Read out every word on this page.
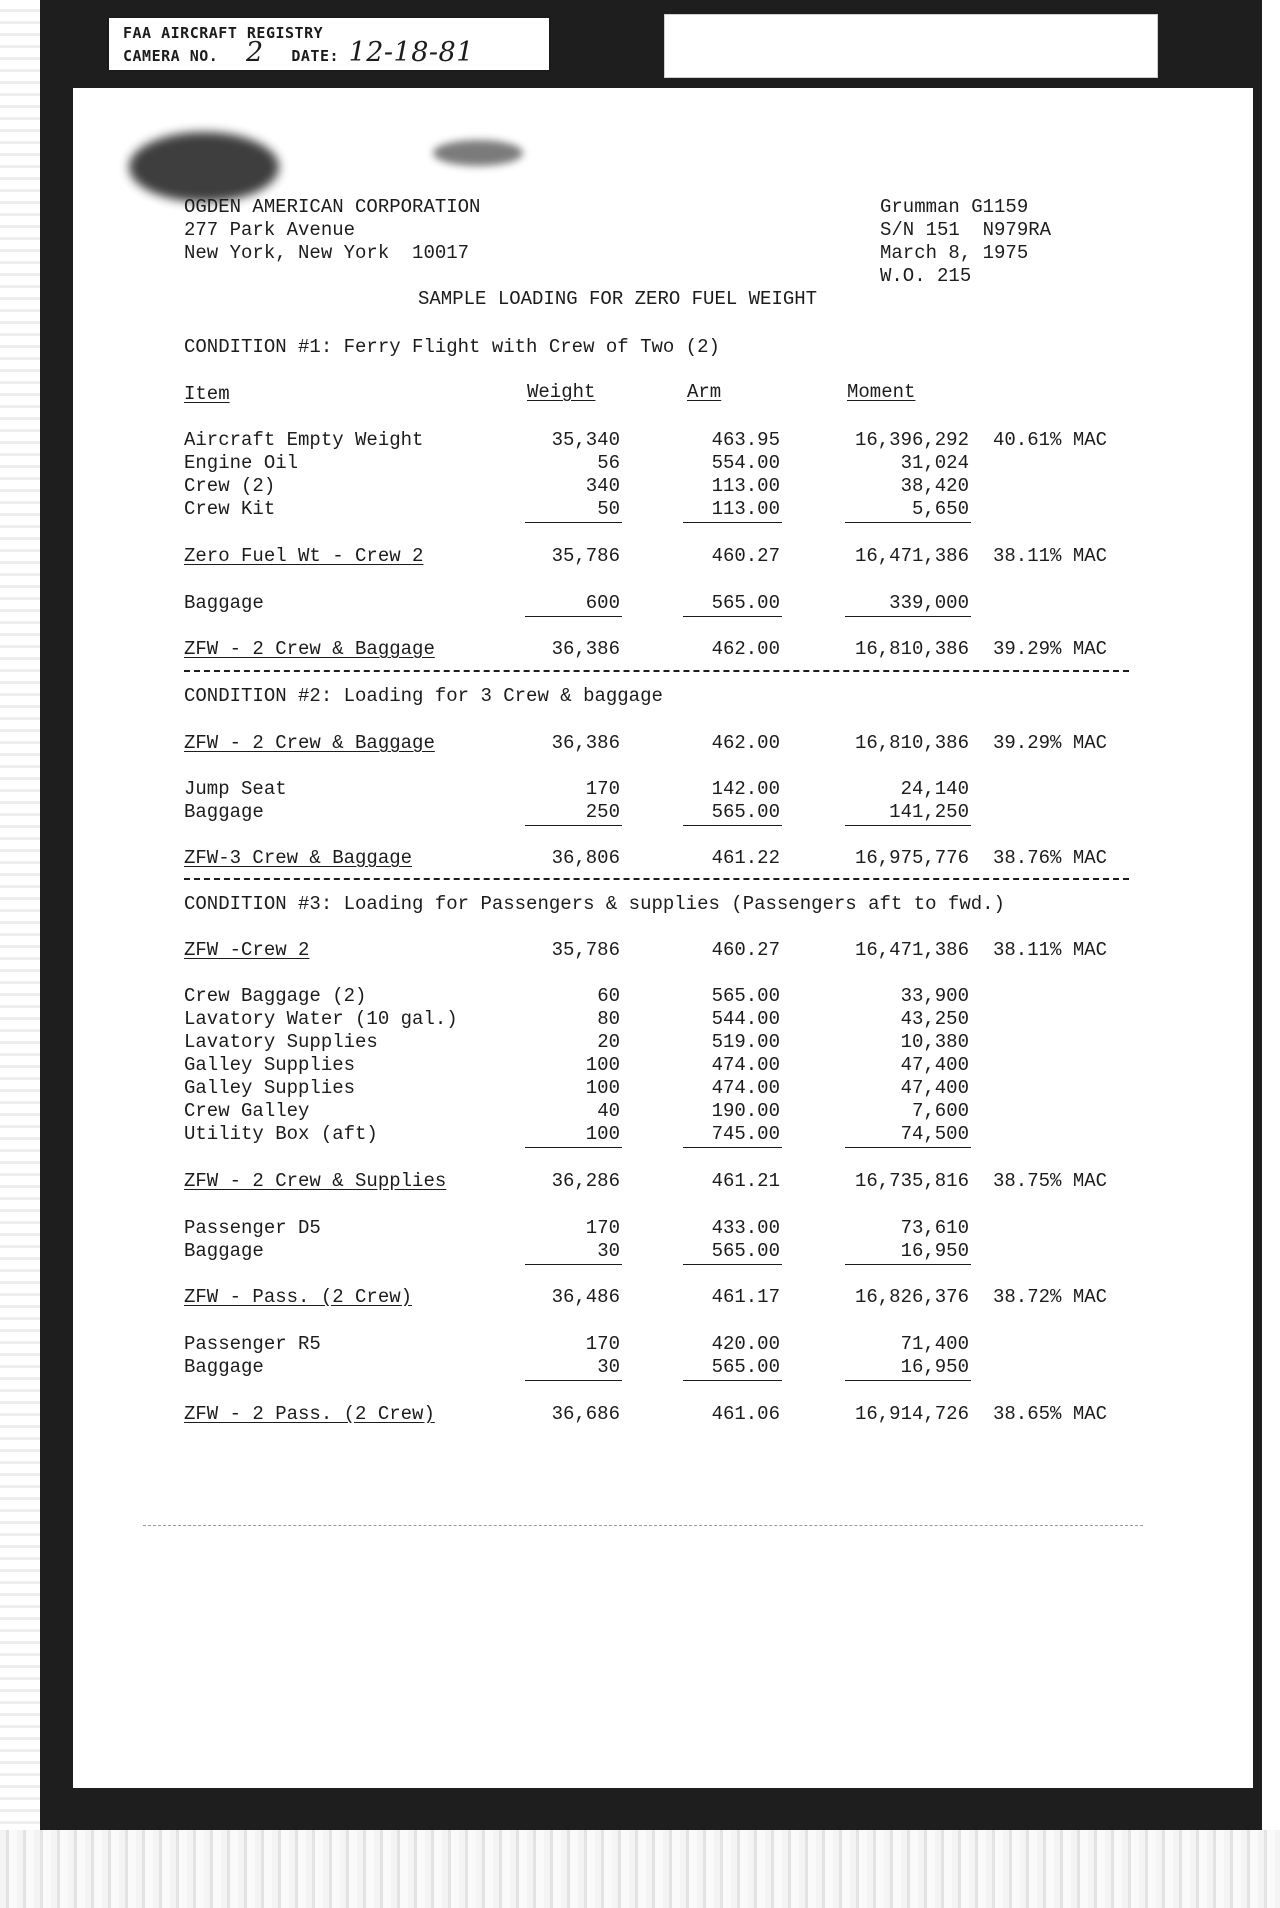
FAA AIRCRAFT REGISTRY
CAMERA NO. 2 DATE: 12-18-81
OGDEN AMERICAN CORPORATION
277 Park Avenue
New York, New York  10017
Grumman G1159
S/N 151  N979RA
March 8, 1975
W.O. 215
SAMPLE LOADING FOR ZERO FUEL WEIGHT
CONDITION #1: Ferry Flight with Crew of Two (2)
Item	Weight	Arm	Moment
Aircraft Empty Weight	35,340	463.95	16,396,292 40.61% MAC
Engine Oil	56	554.00	31,024
Crew (2)	340	113.00	38,420
Crew Kit	50	113.00	5,650
Zero Fuel Wt - Crew 2	35,786	460.27	16,471,386 38.11% MAC
Baggage	600	565.00	339,000
ZFW - 2 Crew & Baggage	36,386	462.00	16,810,386 39.29% MAC
CONDITION #2: Loading for 3 Crew & baggage
ZFW - 2 Crew & Baggage	36,386	462.00	16,810,386 39.29% MAC
Jump Seat	170	142.00	24,140
Baggage	250	565.00	141,250
ZFW-3 Crew & Baggage	36,806	461.22	16,975,776 38.76% MAC
CONDITION #3: Loading for Passengers & supplies (Passengers aft to fwd.)
ZFW -Crew 2	35,786	460.27	16,471,386 38.11% MAC
Crew Baggage (2)	60	565.00	33,900
Lavatory Water (10 gal.)	80	544.00	43,250
Lavatory Supplies	20	519.00	10,380
Galley Supplies	100	474.00	47,400
Galley Supplies	100	474.00	47,400
Crew Galley	40	190.00	7,600
Utility Box (aft)	100	745.00	74,500
ZFW - 2 Crew & Supplies	36,286	461.21	16,735,816 38.75% MAC
Passenger D5	170	433.00	73,610
Baggage	30	565.00	16,950
ZFW - Pass. (2 Crew)	36,486	461.17	16,826,376 38.72% MAC
Passenger R5	170	420.00	71,400
Baggage	30	565.00	16,950
ZFW - 2 Pass. (2 Crew)	36,686	461.06	16,914,726 38.65% MAC
